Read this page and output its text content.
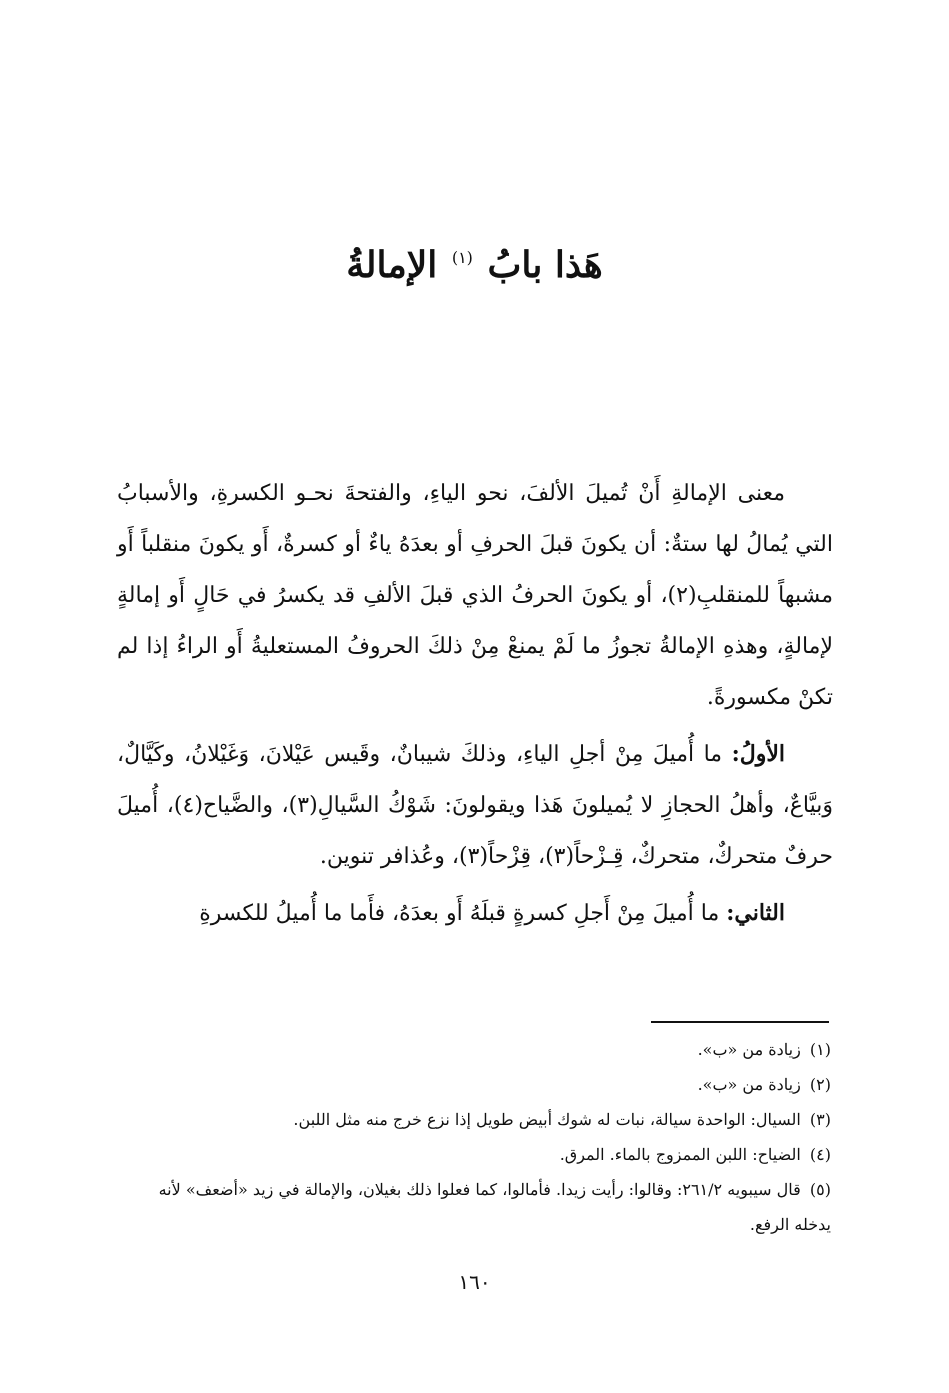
هَذا بابُ $^{(١)}$ الإمالةُ

معنى الإمالةِ أَنْ تُميلَ الألفَ، نحو الياءِ، والفتحةَ نحـو الكسرةِ، والأسبابُ التي يُمالُ لها ستةٌ: أن يكونَ قبلَ الحرفِ أو بعدَهُ ياءٌ أو كسرةٌ، أَو يكونَ منقلباً أَو مشبهاً للمنقلبِ(٢)، أو يكونَ الحرفُ الذي قبلَ الألفِ قد يكسرُ في حَالٍ أَو إمالةٍ لإمالةٍ، وهذهِ الإمالةُ تجوزُ ما لَمْ يمنعْ مِنْ ذلكَ الحروفُ المستعليةُ أَو الراءُ إذا لم تكنْ مكسورةً.

الأولُ: ما أُميلَ مِنْ أجلِ الياءِ، وذلكَ شيبانٌ، وقَيس عَيْلانَ، وَغَيْلانُ، وكَيَّالٌ، وَبيَّاعٌ، وأهلُ الحجازِ لا يُميلونَ هَذا ويقولونَ: شَوْكُ السَّيالِ(٣)، والضَّياح(٤)، أُميلَ حرفٌ متحركٌ، متحركٌ، قِـزْحاً(٣)، قِزْحاً(٣)، وعُذافر تنوين.

الثاني: ما أُميلَ مِنْ أَجلِ كسرةٍ قبلَهُ أَو بعدَهُ، فأَما ما أُميلُ للكسرةِ

(١) زيادة من «ب».

(٢) زيادة من «ب».

(٣) السيال: الواحدة سيالة، نبات له شوك أبيض طويل إذا نزع خرج منه مثل اللبن.

(٤) الضياح: اللبن الممزوج بالماء. المرق.

(٥) قال سيبويه ٢٦١/٢: وقالوا: رأيت زيدا. فأمالوا، كما فعلوا ذلك بغيلان، والإمالة في زيد «أضعف» لأنه يدخله الرفع.

١٦٠
